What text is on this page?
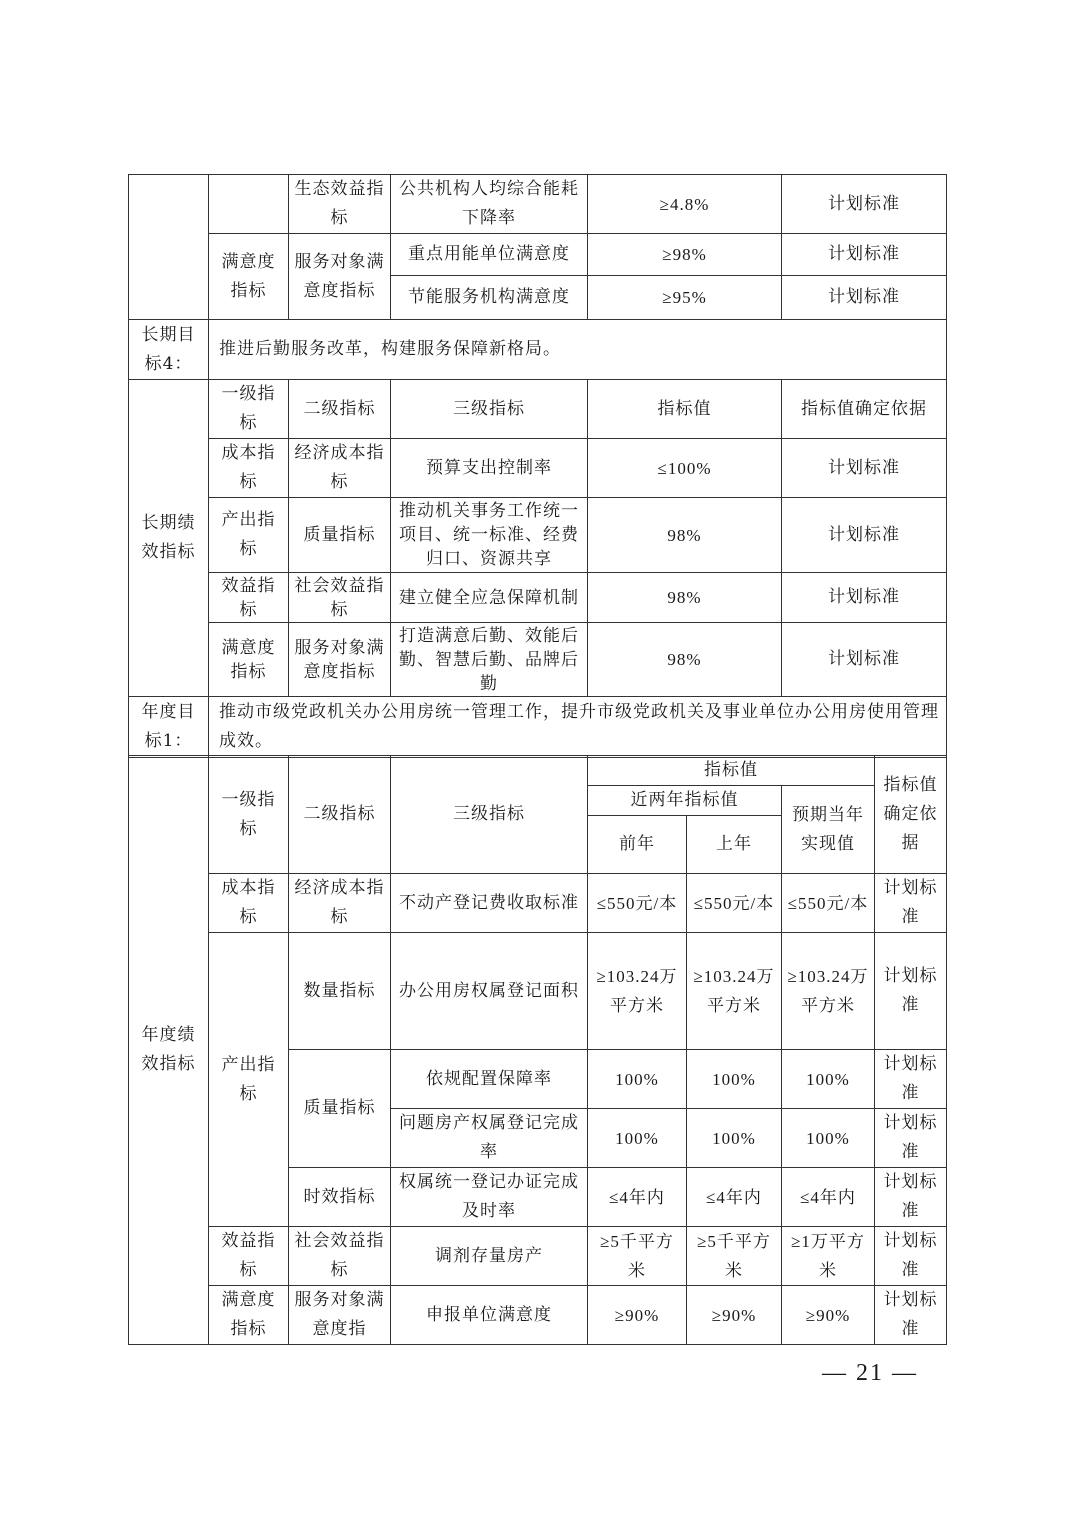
		生态效益指标	公共机构人均综合能耗下降率	≥4.8%	计划标准
	满意度指标	服务对象满意度指标	重点用能单位满意度	≥98%	计划标准
			节能服务机构满意度	≥95%	计划标准
长期目标4：	推进后勤服务改革，构建服务保障新格局。				
长期绩效指标	一级指标	二级指标	三级指标	指标值	指标值确定依据
	成本指标	经济成本指标	预算支出控制率	≤100%	计划标准
	产出指标	质量指标	推动机关事务工作统一项目、统一标准、经费归口、资源共享	98%	计划标准
	效益指标	社会效益指标	建立健全应急保障机制	98%	计划标准
	满意度指标	服务对象满意度指标	打造满意后勤、效能后勤、智慧后勤、品牌后勤	98%	计划标准
年度目标1：	推动市级党政机关办公用房统一管理工作，提升市级党政机关及事业单位办公用房使用管理成效。				
年度绩效指标	一级指标	二级指标	三级指标	指标值			指标值确定依据
				近两年指标值		预期当年实现值	
				前年	上年		
	成本指标	经济成本指标	不动产登记费收取标准	≤550元/本	≤550元/本	≤550元/本	计划标准
	产出指标	数量指标	办公用房权属登记面积	≥103.24万平方米	≥103.24万平方米	≥103.24万平方米	计划标准
		质量指标	依规配置保障率	100%	100%	100%	计划标准
			问题房产权属登记完成率	100%	100%	100%	计划标准
		时效指标	权属统一登记办证完成及时率	≤4年内	≤4年内	≤4年内	计划标准
	效益指标	社会效益指标	调剂存量房产	≥5千平方米	≥5千平方米	≥1万平方米	计划标准
	满意度指标	服务对象满意度指	申报单位满意度	≥90%	≥90%	≥90%	计划标准
— 21 —
